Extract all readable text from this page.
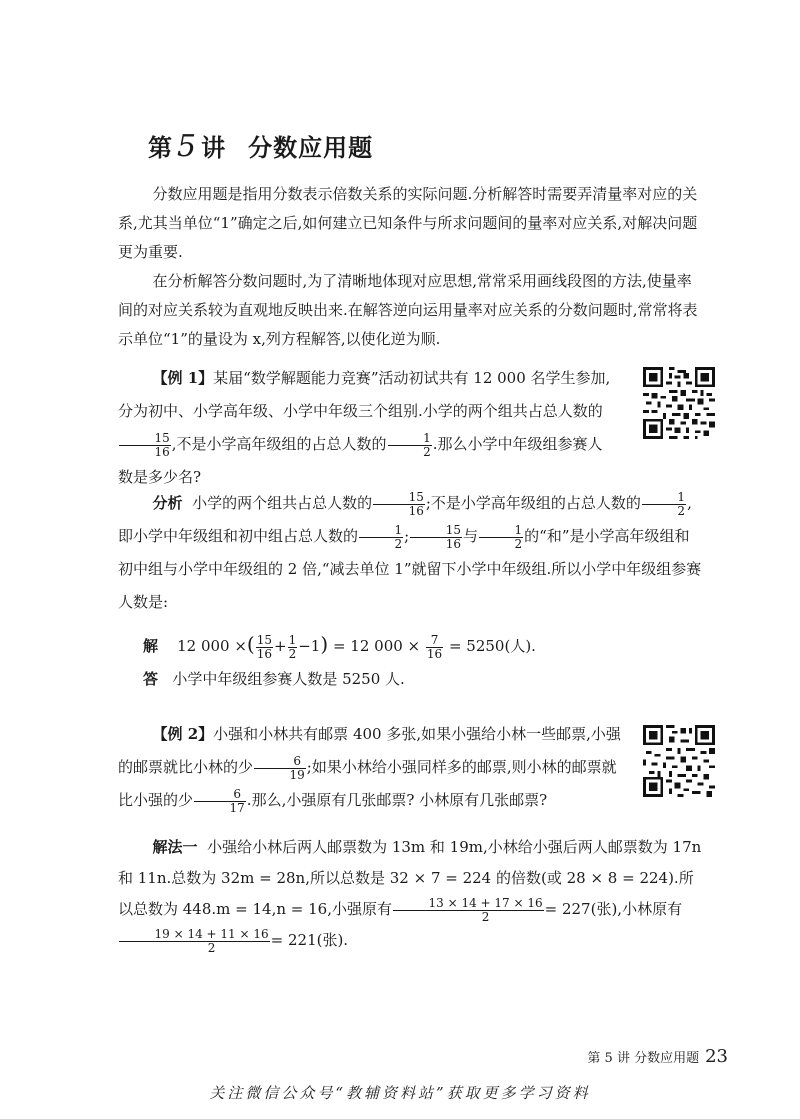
第 5 讲 分数应用题
分数应用题是指用分数表示倍数关系的实际问题.分析解答时需要弄清量率对应的关系,尤其当单位“1”确定之后,如何建立已知条件与所求问题间的量率对应关系,对解决问题更为重要.
在分析解答分数问题时,为了清晰地体现对应思想,常常采用画线段图的方法,使量率间的对应关系较为直观地反映出来.在解答逆向运用量率对应关系的分数问题时,常常将表示单位“1”的量设为 x,列方程解答,以使化逆为顺.
【例 1】某届“数学解题能力竞赛”活动初试共有 12 000 名学生参加,分为初中、小学高年级、小学中年级三个组别.小学的两个组共占总人数的
$\frac{15}{16}$ ,不是小学高年级组的占总人数的 $\frac{1}{2}$ .那么小学中年级组参赛人数是多少名?
分析 小学的两个组共占总人数的 $\frac{15}{16}$ ;不是小学高年级组的占总人数的 $\frac{1}{2}$ ,即小学中年级组和初中组占总人数的 $\frac{1}{2}$ ; $\frac{15}{16}$ 与 $\frac{1}{2}$ 的“和”是小学高年级组和初中组与小学中年级组的 2 倍,“减去单位 1”就留下小学中年级组.所以小学中年级组参赛人数是:
解 12 000 ×( $\frac{15}{16} + \frac{1}{2} -1) = 12$ $000 \times \frac{7}{16} = 5250$(人).
答 小学中年级组参赛人数是 5250 人.
【例 2】小强和小林共有邮票 400 多张,如果小强给小林一些邮票,小强的邮票就比小林的少 $\frac{6}{19}$ ;如果小林给小强同样多的邮票,则小林的邮票就比小强的少 $\frac{6}{17}$ .那么,小强原有几张邮票? 小林原有几张邮票?
解法一 小强给小林后两人邮票数为 13m 和 19m,小林给小强后两人邮票数为 17n 和 11n.总数为 32m = 28n,所以总数是 32 × 7 = 224 的倍数(或 28 × 8 = 224).所以总数为 448.m = 14,n = 16,小强原有 $\frac{13 \times 14 + 17 \times 16}{2} = 227$(张),小林原有
$\frac{19 \times 14 + 11 \times 16}{2} = 221$(张).
第 5 讲 分数应用题 23
关注微信公众号“教辅资料站”获取更多学习资料
